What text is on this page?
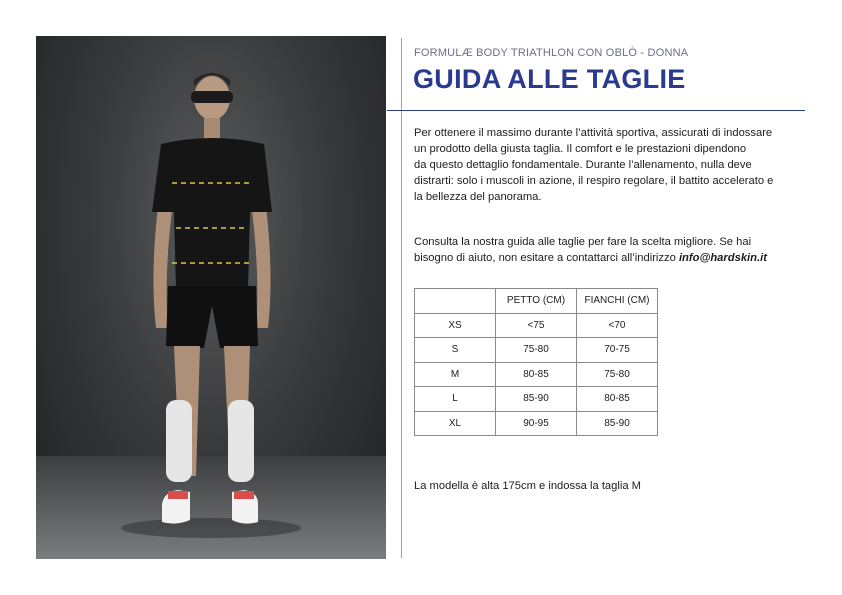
FORMULÆ BODY TRIATHLON CON OBLÒ - DONNA
GUIDA ALLE TAGLIE

Per ottenere il massimo durante l’attività sportiva, assicurati di indossare

un prodotto della giusta taglia. Il comfort e le prestazioni dipendono

da questo dettaglio fondamentale. Durante l’allenamento, nulla deve

distrarti: solo i muscoli in azione, il respiro regolare, il battito accelerato e

la bellezza del panorama.

Consulta la nostra guida alle taglie per fare la scelta migliore. Se hai

bisogno di aiuto, non esitare a contattarci all’indirizzo info@hardskin.it

	PETTO (CM)	FIANCHI (CM)
XS	<75	<70
S	75-80	70-75
M	80-85	75-80
L	85-90	80-85
XL	90-95	85-90
La modella è alta 175cm e indossa la taglia M
